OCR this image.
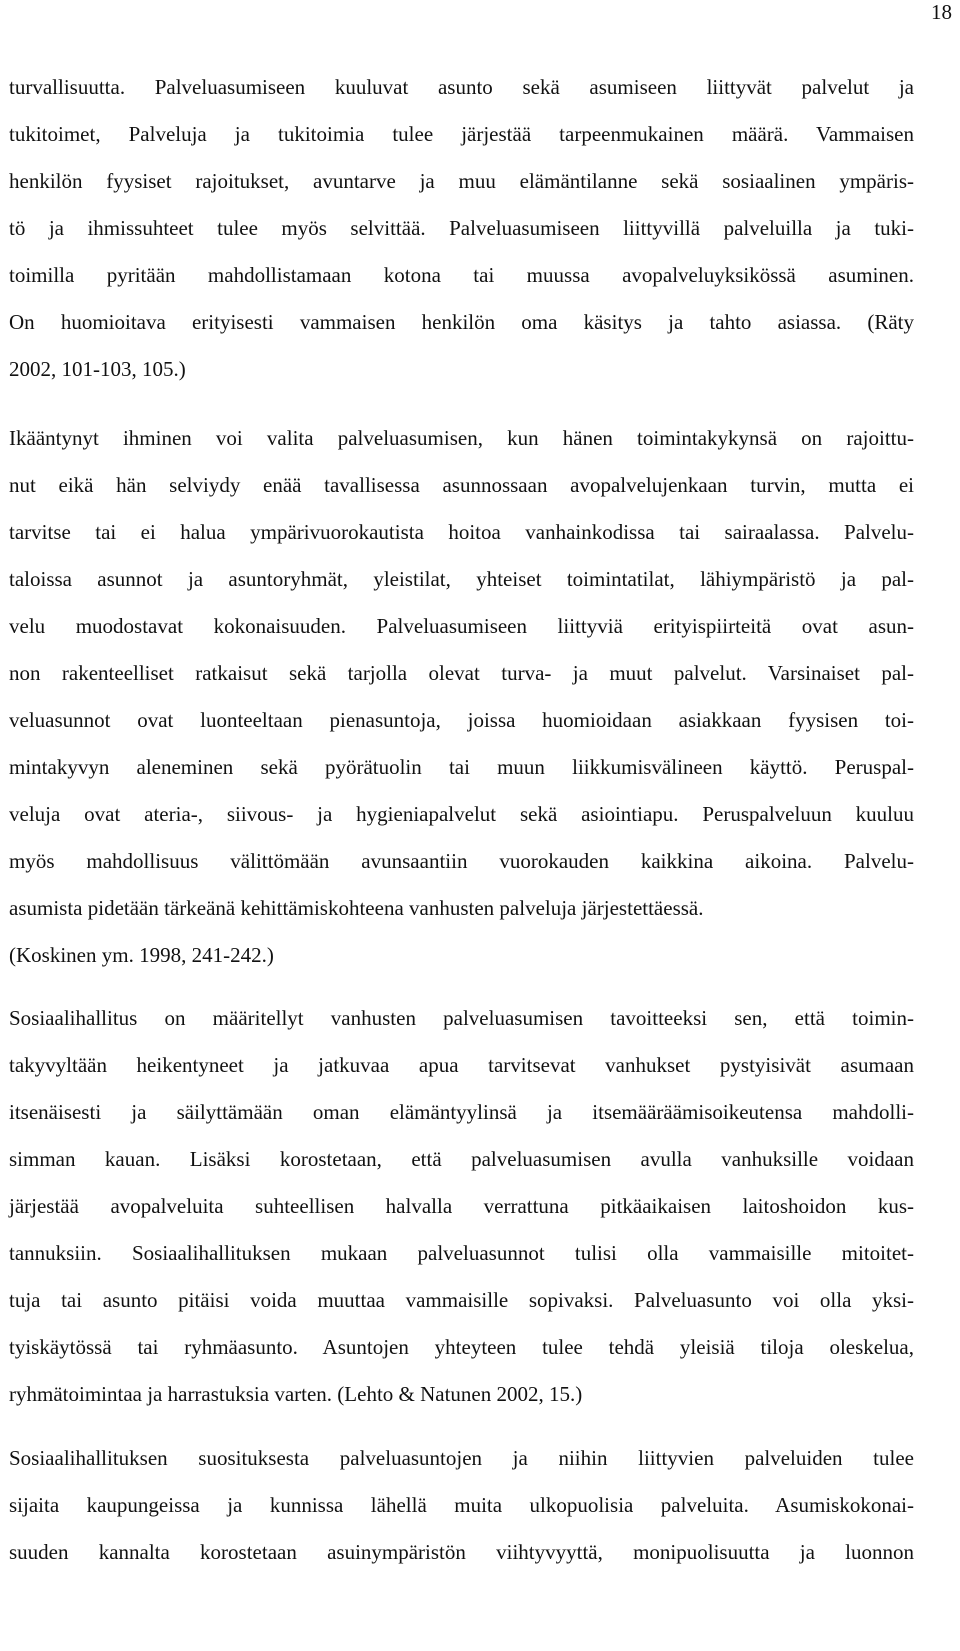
18
turvallisuutta. Palveluasumiseen kuuluvat asunto sekä asumiseen liittyvät palvelut ja
tukitoimet, Palveluja ja tukitoimia tulee järjestää tarpeenmukainen määrä. Vammaisen
henkilön fyysiset rajoitukset, avuntarve ja muu elämäntilanne sekä sosiaalinen ympäris-
tö ja ihmissuhteet tulee myös selvittää. Palveluasumiseen liittyvillä palveluilla ja tuki-
toimilla pyritään mahdollistamaan kotona tai muussa avopalveluyksikössä asuminen.
On huomioitava erityisesti vammaisen henkilön oma käsitys ja tahto asiassa. (Räty
2002, 101-103, 105.)
Ikääntynyt ihminen voi valita palveluasumisen, kun hänen toimintakykynsä on rajoittu-
nut eikä hän selviydy enää tavallisessa asunnossaan avopalvelujenkaan turvin, mutta ei
tarvitse tai ei halua ympärivuorokautista hoitoa vanhainkodissa tai sairaalassa. Palvelu-
taloissa asunnot ja asuntoryhmät, yleistilat, yhteiset toimintatilat, lähiympäristö ja pal-
velu muodostavat kokonaisuuden. Palveluasumiseen liittyviä erityispiirteitä ovat asun-
non rakenteelliset ratkaisut sekä tarjolla olevat turva- ja muut palvelut. Varsinaiset pal-
veluasunnot ovat luonteeltaan pienasuntoja, joissa huomioidaan asiakkaan fyysisen toi-
mintakyvyn aleneminen sekä pyörätuolin tai muun liikkumisvälineen käyttö. Peruspal-
veluja ovat ateria-, siivous- ja hygieniapalvelut sekä asiointiapu. Peruspalveluun kuuluu
myös mahdollisuus välittömään avunsaantiin vuorokauden kaikkina aikoina. Palvelu-
asumista pidetään tärkeänä kehittämiskohteena vanhusten palveluja järjestettäessä.
(Koskinen ym. 1998, 241-242.)
Sosiaalihallitus on määritellyt vanhusten palveluasumisen tavoitteeksi sen, että toimin-
takyvyltään heikentyneet ja jatkuvaa apua tarvitsevat vanhukset pystyisivät asumaan
itsenäisesti ja säilyttämään oman elämäntyylinsä ja itsemääräämisoikeutensa mahdolli-
simman kauan. Lisäksi korostetaan, että palveluasumisen avulla vanhuksille voidaan
järjestää avopalveluita suhteellisen halvalla verrattuna pitkäaikaisen laitoshoidon kus-
tannuksiin. Sosiaalihallituksen mukaan palveluasunnot tulisi olla vammaisille mitoitet-
tuja tai asunto pitäisi voida muuttaa vammaisille sopivaksi. Palveluasunto voi olla yksi-
tyiskäytössä tai ryhmäasunto. Asuntojen yhteyteen tulee tehdä yleisiä tiloja oleskelua,
ryhmätoimintaa ja harrastuksia varten. (Lehto & Natunen 2002, 15.)
Sosiaalihallituksen suosituksesta palveluasuntojen ja niihin liittyvien palveluiden tulee
sijaita kaupungeissa ja kunnissa lähellä muita ulkopuolisia palveluita. Asumiskokonai-
suuden kannalta korostetaan asuinympäristön viihtyvyyttä, monipuolisuutta ja luonnon
